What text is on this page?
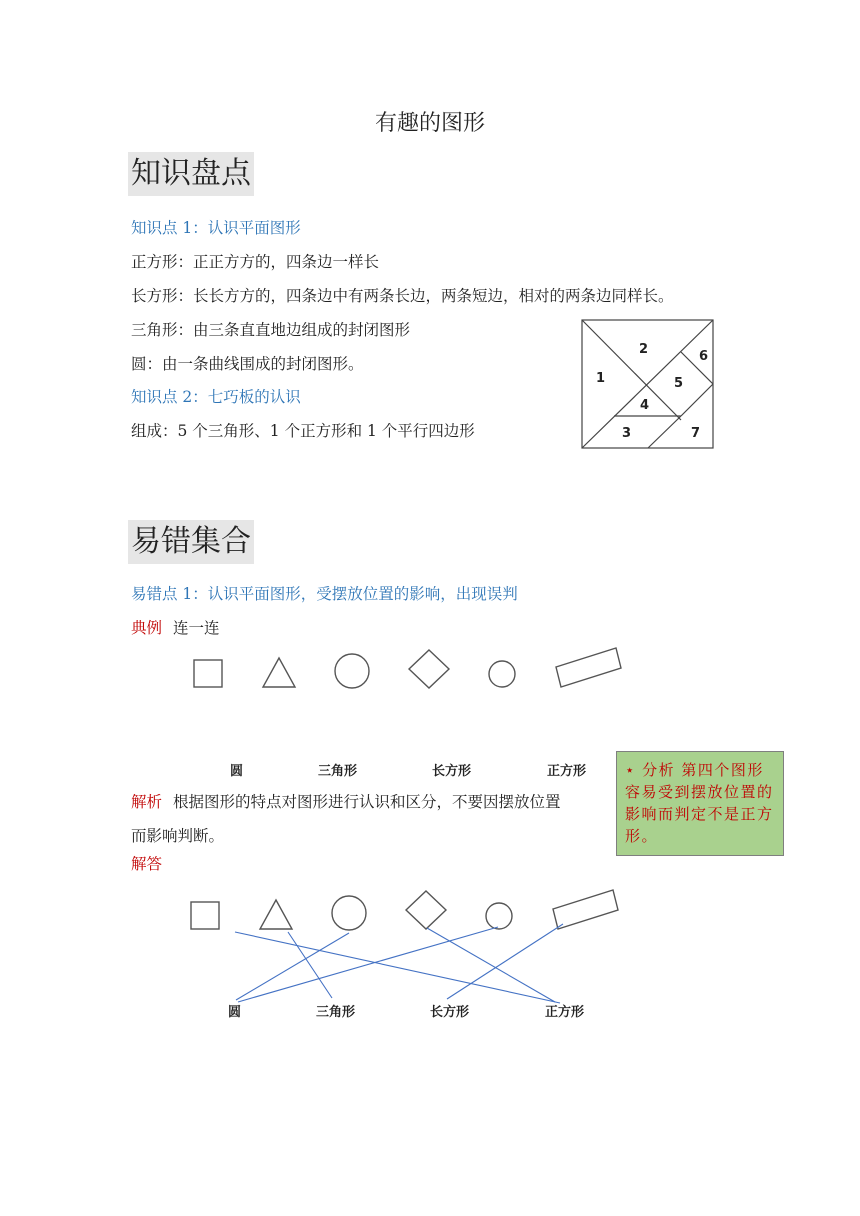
有趣的图形
知识盘点
知识点 1：认识平面图形
正方形：正正方方的，四条边一样长
长方形：长长方方的，四条边中有两条长边，两条短边，相对的两条边同样长。
三角形：由三条直直地边组成的封闭图形
圆：由一条曲线围成的封闭图形。
知识点 2：七巧板的认识
组成：5 个三角形、1 个正方形和 1 个平行四边形
1
2
3
4
5
6
7
易错集合
易错点 1：认识平面图形，受摆放位置的影响，出现误判
典例 连一连
圆	三角形	长方形	正方形
解析 根据图形的特点对图形进行认识和区分，不要因摆放位置
而影响判断。
⋆ 分析 第四个图形容易受到摆放位置的影响而判定不是正方形。
解答
圆	三角形	长方形	正方形
